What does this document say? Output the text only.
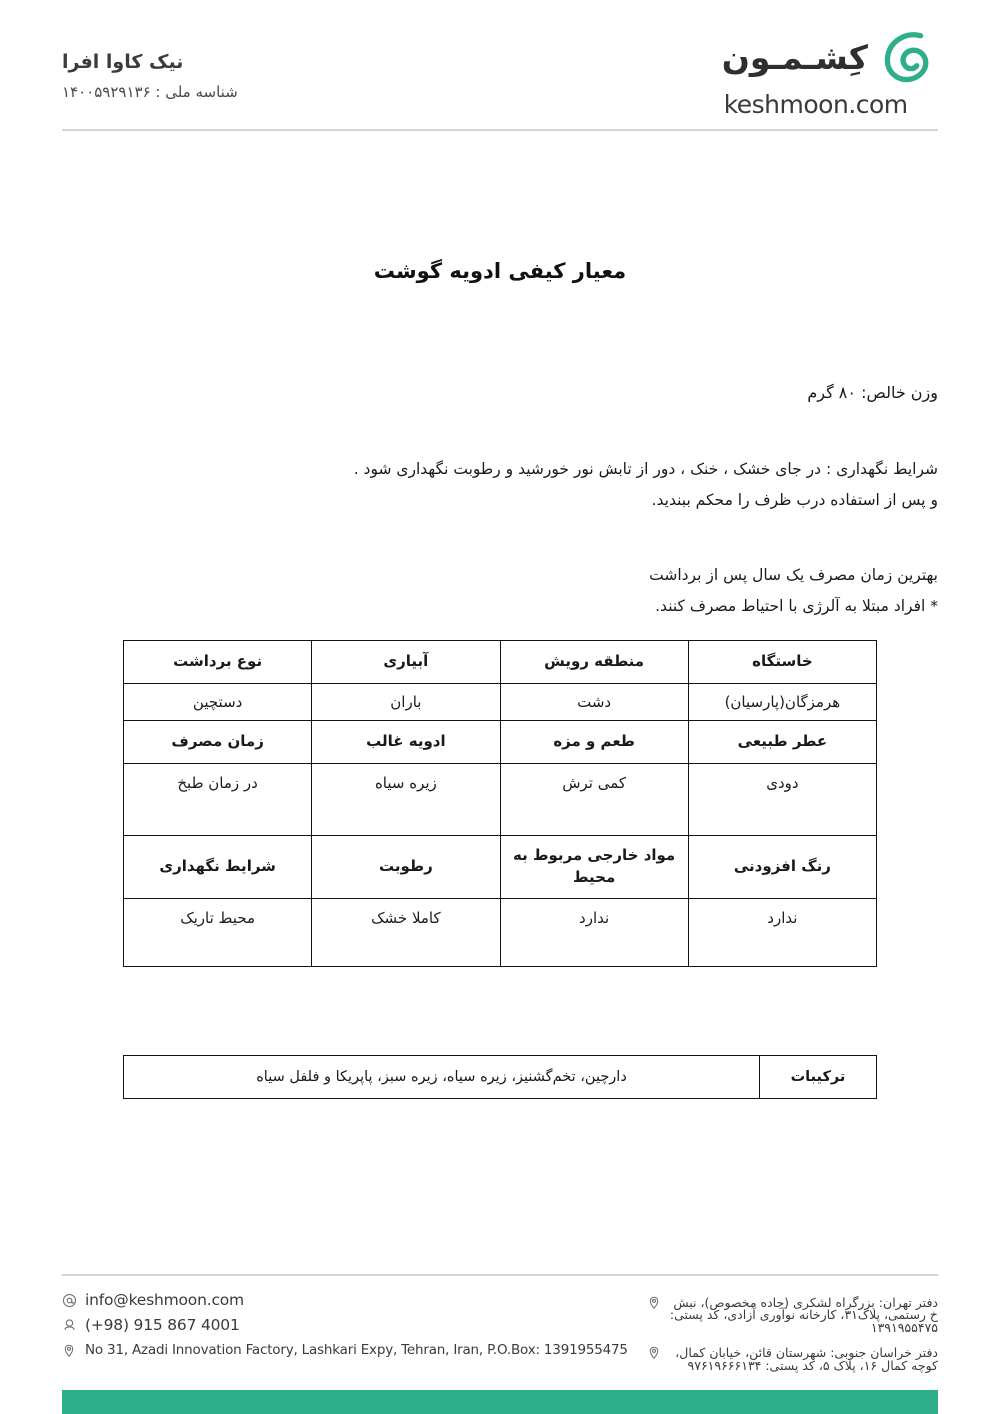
نیک کاوا افرا
شناسه ملی : ۱۴۰۰۵۹۲۹۱۳۶
کِشـمـون
keshmoon.com
معیار کیفی ادویه گوشت
وزن خالص: ۸۰ گرم
شرایط نگهداری : در جای خشک ، خنک ، دور از تابش نور خورشید و رطوبت نگهداری شود .
و پس از استفاده درب ظرف را محکم ببندید.
بهترین زمان مصرف یک سال پس از برداشت
* افراد مبتلا به آلرژی با احتیاط مصرف کنند.
خاستگاه	منطقه رویش	آبیاری	نوع برداشت
هرمزگان(پارسیان)	دشت	باران	دستچین
عطر طبیعی	طعم و مزه	ادویه غالب	زمان مصرف
دودی	کمی ترش	زیره سیاه	در زمان طبخ
رنگ افزودنی	مواد خارجی مربوط به محیط	رطوبت	شرایط نگهداری
ندارد	ندارد	کاملا خشک	محیط تاریک
ترکیبات	دارچین، تخم‌گشنیز، زیره سیاه، زیره سبز، پاپریکا و فلفل سیاه
دفتر تهران: بزرگراه لشکری (جاده مخصوص)، نبش خ رستمی، پلاک۳۱، کارخانه نوآوری آزادی، کد پستی: ۱۳۹۱۹۵۵۴۷۵
دفتر خراسان جنوبی: شهرستان قائن، خیابان کمال، کوچه کمال ۱۶، پلاک ۵، کد پستی: ۹۷۶۱۹۶۶۶۱۳۴
info@keshmoon.com
(+98) 915 867 4001
No 31, Azadi Innovation Factory, Lashkari Expy, Tehran, Iran, P.O.Box: 1391955475
